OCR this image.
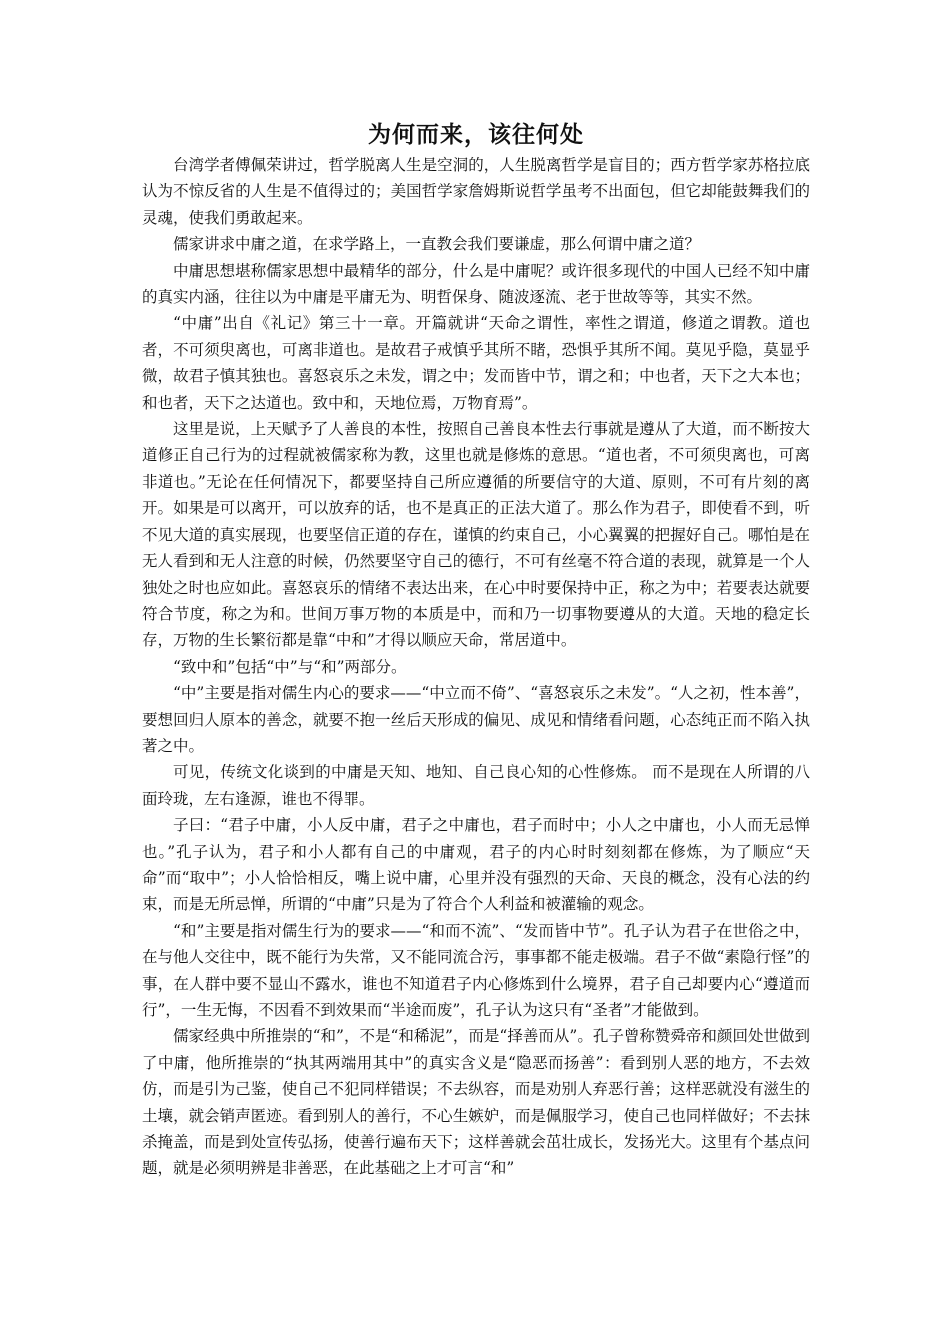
为何而来，该往何处

台湾学者傅佩荣讲过，哲学脱离人生是空洞的，人生脱离哲学是盲目的；西方哲学家苏格拉底认为不惊反省的人生是不值得过的；美国哲学家詹姆斯说哲学虽考不出面包，但它却能鼓舞我们的灵魂，使我们勇敢起来。

儒家讲求中庸之道，在求学路上，一直教会我们要谦虚，那么何谓中庸之道？

中庸思想堪称儒家思想中最精华的部分，什么是中庸呢？或许很多现代的中国人已经不知中庸的真实内涵，往往以为中庸是平庸无为、明哲保身、随波逐流、老于世故等等，其实不然。

“中庸”出自《礼记》第三十一章。开篇就讲“天命之谓性，率性之谓道，修道之谓教。道也者，不可须臾离也，可离非道也。是故君子戒慎乎其所不睹，恐惧乎其所不闻。莫见乎隐，莫显乎微，故君子慎其独也。喜怒哀乐之未发，谓之中；发而皆中节，谓之和；中也者，天下之大本也；和也者，天下之达道也。致中和，天地位焉，万物育焉”。

这里是说，上天赋予了人善良的本性，按照自己善良本性去行事就是遵从了大道，而不断按大道修正自己行为的过程就被儒家称为教，这里也就是修炼的意思。“道也者，不可须臾离也，可离非道也。”无论在任何情况下，都要坚持自己所应遵循的所要信守的大道、原则，不可有片刻的离开。如果是可以离开，可以放弃的话，也不是真正的正法大道了。那么作为君子，即使看不到，听不见大道的真实展现，也要坚信正道的存在，谨慎的约束自己，小心翼翼的把握好自己。哪怕是在无人看到和无人注意的时候，仍然要坚守自己的德行，不可有丝毫不符合道的表现，就算是一个人独处之时也应如此。喜怒哀乐的情绪不表达出来，在心中时要保持中正，称之为中；若要表达就要符合节度，称之为和。世间万事万物的本质是中，而和乃一切事物要遵从的大道。天地的稳定长存，万物的生长繁衍都是靠“中和”才得以顺应天命，常居道中。

“致中和”包括“中”与“和”两部分。

“中”主要是指对儒生内心的要求——“中立而不倚”、“喜怒哀乐之未发”。“人之初，性本善”，要想回归人原本的善念，就要不抱一丝后天形成的偏见、成见和情绪看问题，心态纯正而不陷入执著之中。

可见，传统文化谈到的中庸是天知、地知、自己良心知的心性修炼。 而不是现在人所谓的八面玲珑，左右逢源，谁也不得罪。

子曰：“君子中庸，小人反中庸，君子之中庸也，君子而时中；小人之中庸也，小人而无忌惮也。”孔子认为，君子和小人都有自己的中庸观，君子的内心时时刻刻都在修炼，为了顺应“天命”而“取中”；小人恰恰相反，嘴上说中庸，心里并没有强烈的天命、天良的概念，没有心法的约束，而是无所忌惮，所谓的“中庸”只是为了符合个人利益和被灌输的观念。

“和”主要是指对儒生行为的要求——“和而不流”、“发而皆中节”。孔子认为君子在世俗之中，在与他人交往中，既不能行为失常，又不能同流合污，事事都不能走极端。君子不做“素隐行怪”的事，在人群中要不显山不露水，谁也不知道君子内心修炼到什么境界，君子自己却要内心“遵道而行”，一生无悔，不因看不到效果而“半途而废”，孔子认为这只有“圣者”才能做到。

儒家经典中所推崇的“和”，不是“和稀泥”，而是“择善而从”。孔子曾称赞舜帝和颜回处世做到了中庸，他所推崇的“执其两端用其中”的真实含义是“隐恶而扬善”：看到别人恶的地方，不去效仿，而是引为己鉴，使自己不犯同样错误；不去纵容，而是劝别人弃恶行善；这样恶就没有滋生的土壤，就会销声匿迹。看到别人的善行，不心生嫉妒，而是佩服学习，使自己也同样做好；不去抹杀掩盖，而是到处宣传弘扬，使善行遍布天下；这样善就会茁壮成长，发扬光大。这里有个基点问题，就是必须明辨是非善恶，在此基础之上才可言“和”
